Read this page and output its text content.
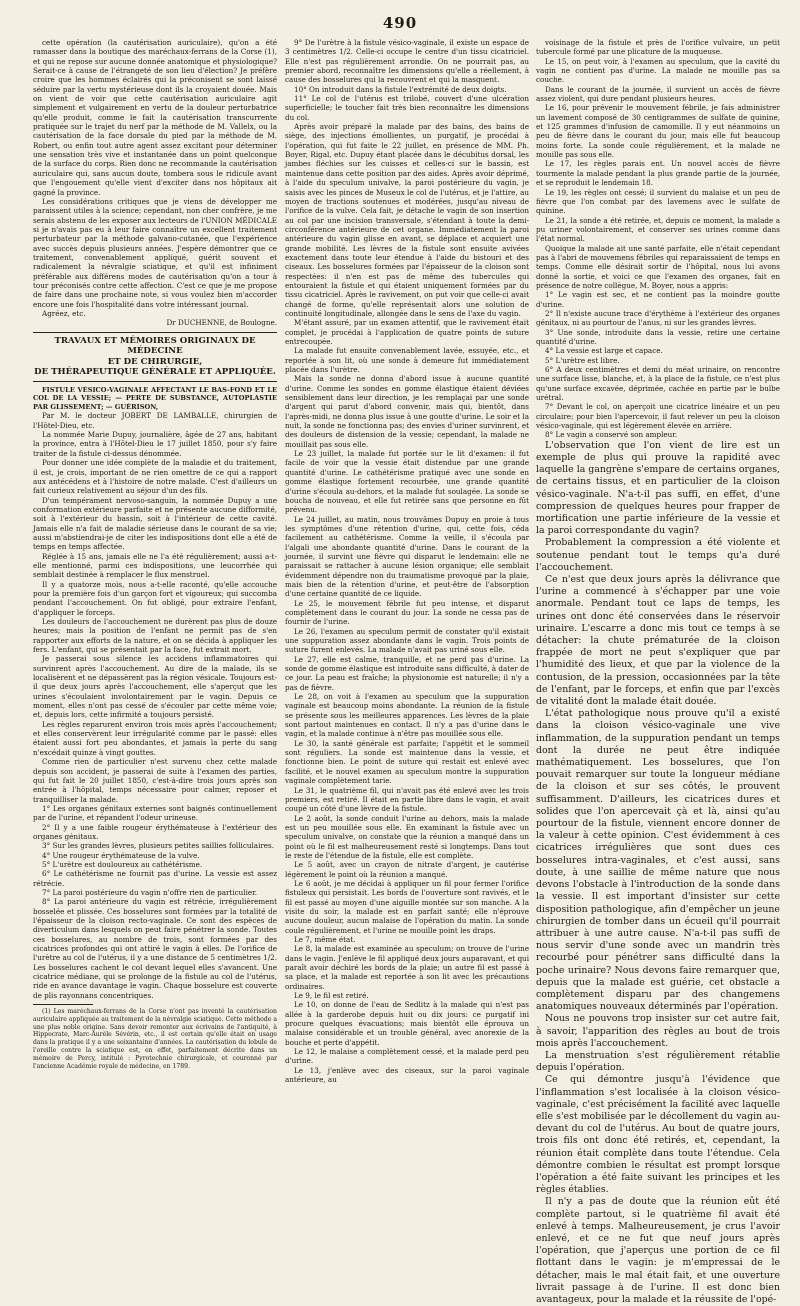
490

cette opération (la cautérisation auriculaire), qu'on a été ramasser dans la boutique des maréchaux-ferrans de la Corse (1), et qui ne repose sur aucune donnée anatomique et physiologique? Serait-ce à cause de l'étrangeté de son lieu d'élection? Je préfère croire que les hommes éclairés qui la préconisent se sont laissé séduire par la vertu mystérieuse dont ils la croyaient douée. Mais on vient de voir que cette cautérisation auriculaire agit simplement et vulgairement en vertu de la douleur perturbatrice qu'elle produit, comme le fait la cautérisation transcurrente pratiquée sur le trajet du nerf par la méthode de M. Vallelx, ou la cautérisation de la face dorsale du pied par la méthode de M. Robert, ou enfin tout autre agent assez excitant pour déterminer une sensation très vive et instantanée dans un point quelconque de la surface du corps. Rien donc ne recommande la cautérisation auriculaire qui, sans aucun doute, tombera sous le ridicule avant que l'engouement qu'elle vient d'exciter dans nos hôpitaux ait gagné la province.

Les considérations critiques que je viens de développer me paraissent utiles à la science; cependant, non cher confrère, je me serais abstenu de les exposer aux lecteurs de l'UNION MÉDICALE si je n'avais pas eu à leur faire connaître un excellent traitement perturbateur par la méthode galvano-cutanée, que l'expérience avec succès depuis plusieurs années. J'espère démontrer que ce traitement, convenablement appliqué, guérit souvent et radicalement la névralgie sciatique, et qu'il est infiniment préférable aux différens modes de cautérisation qu'on a tour à tour préconisés contre cette affection. C'est ce que je me propose de faire dans une prochaine note, si vous voulez bien m'accorder encore une fois l'hospitalité dans votre intéressant journal.

Agréez, etc.

Dr DUCHENNE, de Boulogne.

TRAVAUX ET MÉMOIRES ORIGINAUX DE MÉDECINE
ET DE CHIRURGIE,
DE THÉRAPEUTIQUE GÉNÉRALE ET APPLIQUÉE.

FISTULE VÉSICO-VAGINALE AFFECTANT LE BAS-FOND ET LE COL DE LA VESSIE; — PERTE DE SUBSTANCE, AUTOPLASTIE PAR GLISSEMENT; — GUÉRISON,

Par M. le docteur JOBERT DE LAMBALLE, chirurgien de l'Hôtel-Dieu, etc.

La nommée Marie Dupuy, journalière, âgée de 27 ans, habitant la province, entra à l'Hôtel-Dieu le 17 juillet 1850, pour s'y faire traiter de la fistule ci-dessus dénommée.

Pour donner une idée complète de la maladie et du traitement, il est, je crois, important de ne rien omettre de ce qui a rapport aux antécédens et à l'histoire de notre malade. C'est d'ailleurs un fait curieux relativement au séjour d'un des fils.

D'un tempérament nervoso-sanguin, la nommée Dupuy a une conformation extérieure parfaite et ne présente aucune difformité, soit à l'extérieur du bassin, soit à l'intérieur de cette cavité. Jamais elle n'a fait de maladie sérieuse dans le courant de sa vie; aussi m'abstiendrai-je de citer les indispositions dont elle a été de temps en temps affectée.

Réglée à 15 ans, jamais elle ne l'a été régulièrement; aussi a-t-elle mentionné, parmi ces indispositions, une leucorrhée qui semblait destinée à remplacer le flux menstruel.

Il y a quatorze mois, nous a-t-elle raconté, qu'elle accouche pour la première fois d'un garçon fort et vigoureux; qui succomba pendant l'accouchement. On fut obligé, pour extraire l'enfant, d'appliquer le forceps.

Les douleurs de l'accouchement ne durèrent pas plus de douze heures; mais la position de l'enfant ne permit pas de s'en rapporter aux efforts de la nature, et on se décida à appliquer les fers. L'enfant, qui se présentait par la face, fut extrait mort.

Je passerai sous silence les accidens inflammatoires qui survinrent après l'accouchement. Au dire de la malade, ils se localisèrent et ne dépassèrent pas la région vésicale. Toujours est-il que deux jours après l'accouchement, elle s'aperçut que les urines s'écoulaient involontairement par le vagin. Depuis ce moment, elles n'ont pas cessé de s'écouler par cette même voie; et, depuis lors, cette infirmité a toujours persisté.

Les règles reparurent environ trois mois après l'accouchement; et elles conservèrent leur irrégularité comme par le passé: elles étaient aussi fort peu abondantes, et jamais la perte du sang n'excédait quinze à vingt gouttes.

Comme rien de particulier n'est survenu chez cette malade depuis son accident, je passerai de suite à l'examen des parties, qui fut fait le 20 juillet 1850, c'est-à-dire trois jours après son entrée à l'hôpital, temps nécessaire pour calmer, reposer et tranquilliser la malade.

1° Les organes génitaux externes sont baignés continuellement par de l'urine, et répandent l'odeur urineuse.

2° Il y a une faible rougeur érythémateuse à l'extérieur des organes génitaux.

3° Sur les grandes lèvres, plusieurs petites saillies folliculaires.

4° Une rougeur érythémateuse de la vulve.

5° L'urètre est douloureux au cathétérisme.

6° Le cathétérisme ne fournit pas d'urine. La vessie est assez rétrécie.

7° La paroi postérieure du vagin n'offre rien de particulier.

8° La paroi antérieure du vagin est rétrécie, irrégulièrement bosselée et plissée. Ces bosselures sont formées par la totalité de l'épaisseur de la cloison recto-vaginale. Ce sont des espèces de diverticulum dans lesquels on peut faire pénétrer la sonde. Toutes ces bosselures, au nombre de trois, sont formées par des cicatrices profondes qui ont attiré le vagin à elles. De l'orifice de l'urètre au col de l'utérus, il y a une distance de 5 centimètres 1/2. Les bosselures cachent le col devant lequel elles s'avancent. Une cicatrice médiane, qui se prolonge de la fistule au col de l'utérus, ride en avance davantage le vagin. Chaque bosselure est couverte de plis rayonnans concentriques.

(1) Les maréchaux-ferrans de la Corse n'ont pas inventé la cautérisation auriculaire appliquée au traitement de la névralgie sciatique. Cette méthode a une plus noble origine. Sans devoir remonter aux écrivains de l'antiquité, à Hippocrate, Marc-Aurèle Sévérin, etc., il est certain qu'elle était en usage dans la pratique il y a une soixantaine d'années. La cautérisation du lobule de l'oreille contre la sciatique est, en effet, parfaitement décrite dans un mémoire de Percy, intitulé : Pyrotechnie chirurgicale, et couronné par l'ancienne Académie royale de médecine, en 1789.

9° De l'urètre à la fistule vésico-vaginale, il existe un espace de 3 centimètres 1/2. Celle-ci occupe le centre d'un tissu cicatriciel. Elle n'est pas régulièrement arrondie. On ne pourrait pas, au premier abord, reconnaître les dimensions qu'elle a réellement, à cause des bosselures qui la recouvrent et qui la masquent.

10° On introduit dans la fistule l'extrémité de deux doigts.

11° Le col de l'utérus est trilobé, couvert d'une ulcération superficielle; le toucher fait très bien reconnaître les dimensions du col.

Après avoir préparé la malade par des bains, des bains de siège, des injections émollientes, un purgatif, je procédai à l'opération, qui fut faite le 22 juillet, en présence de MM. Ph. Boyer, Rigal, etc. Dupuy étant placée dans le décubitus dorsal, les jambes fléchies sur les cuisses et celles-ci sur le bassin, est maintenue dans cette position par des aides. Après avoir déprimé, à l'aide du speculum univalve, la paroi postérieure du vagin, je saisis avec les pinces de Museux le col de l'utérus, et je l'attire, au moyen de tractions soutenues et modérées, jusqu'au niveau de l'orifice de la vulve. Cela fait, je détache le vagin de son insertion au col par une incision transversale, s'étendant à toute la demi-circonférence antérieure de cet organe. Immédiatement la paroi antérieure du vagin glisse en avant, se déplace et acquiert une grande mobilité. Les lèvres de la fistule sont ensuite avivées exactement dans toute leur étendue à l'aide du bistouri et des ciseaux. Les bosselures formées par l'épaisseur de la cloison sont respectées: il n'en est pas de même des tubercules qui entouraient la fistule et qui étaient uniquement formées par du tissu cicatriciel. Après le ravivement, on put voir que celle-ci avait changé de forme, qu'elle représentait alors une solution de continuité longitudinale, allongée dans le sens de l'axe du vagin.

M'étant assuré, par un examen attentif, que le ravivement était complet, je procédai à l'application de quatre points de suture entrecoupée.

La malade fut ensuite convenablement lavée, essuyée, etc., et reportée à son lit, où une sonde à demeure fut immédiatement placée dans l'urètre.

Mais la sonde ne donna d'abord issue à aucune quantité d'urine. Comme les sondes en gomme élastique étaient déviées sensiblement dans leur direction, je les remplaçai par une sonde d'argent qui parut d'abord convenir, mais qui, bientôt, dans l'après-midi, ne donna plus issue à une goutte d'urine. Le soir et la nuit, la sonde ne fonctionna pas; des envies d'uriner survinrent, et des douleurs de distension de la vessie; cependant, la malade ne mouillait pas sous elle.

Le 23 juillet, la malade fut portée sur le lit d'examen: il fut facile de voir que la vessie était distendue par une grande quantité d'urine. Le cathétérisme pratiqué avec une sonde en gomme élastique fortement recourbée, une grande quantité d'urine s'écoula au-dehors, et la malade fut soulagée. La sonde se boucha de nouveau, et elle fut retirée sans que personne en fût prévenu.

Le 24 juillet, au matin, nous trouvâmes Dupuy en proie à tous les symptômes d'une rétention d'urine, qui, cette fois, céda facilement au cathétérisme. Comme la veille, il s'écoula par l'algali une abondante quantité d'urine. Dans le courant de la journée, il survint une fièvre qui disparut le lendemain: elle ne paraissait se rattacher à aucune lésion organique; elle semblait évidemment dépendre non du traumatisme provoqué par la plaie, mais bien de la rétention d'urine, et peut-être de l'absorption d'une certaine quantité de ce liquide.

Le 25, le mouvement fébrile fut peu intense, et disparut complètement dans le courant du jour. La sonde ne cessa pas de fournir de l'urine.

Le 26, l'examen au speculum permit de constater qu'il existait une suppuration assez abondante dans le vagin. Trois points de suture furent enlevés. La malade n'avait pas uriné sous elle.

Le 27, elle est calme, tranquille, et ne perd pas d'urine. La sonde de gomme élastique est introduite sans difficulté, à dater de ce jour. La peau est fraîche; la physionomie est naturelle; il n'y a pas de fièvre.

Le 28, on voit à l'examen au speculum que la suppuration vaginale est beaucoup moins abondante. La réunion de la fistule se présente sous les meilleures apparences. Les lèvres de la plaie sont partout maintenues en contact. Il n'y a pas d'urine dans le vagin, et la malade continue à n'être pas mouillée sous elle.

Le 30, la santé générale est parfaite; l'appétit et le sommeil sont réguliers. La sonde est maintenue dans la vessie, et fonctionne bien. Le point de suture qui restait est enlevé avec facilité, et le nouvel examen au speculum montre la suppuration vaginale complètement tarie.

Le 31, le quatrième fil, qui n'avait pas été enlevé avec les trois premiers, est retiré. Il était en partie libre dans le vagin, et avait coupé un côté d'une lèvre de la fistule.

Le 2 août, la sonde conduit l'urine au dehors, mais la malade est un peu mouillée sous elle. En examinant la fistule avec un speculum univalve, on constate que la réunion a manqué dans un point où le fil est malheureusement resté si longtemps. Dans tout le reste de l'étendue de la fistule, elle est complète.

Le 5 août, avec un crayon de nitrate d'argent, je cautérise légèrement le point où la réunion a manqué.

Le 6 août, je me décidai à appliquer un fil pour fermer l'orifice fistuleux qui persistait. Les bords de l'ouverture sont ravivés, et le fil est passé au moyen d'une aiguille montée sur son manche. A la visite du soir, la malade est en parfait santé; elle n'éprouve aucune douleur, aucun malaise de l'opération du matin. La sonde coule régulièrement, et l'urine ne mouille point les draps.

Le 7, même état.

Le 8, la malade est examinée au speculum; on trouve de l'urine dans le vagin. J'enlève le fil appliqué deux jours auparavant, et qui paraît avoir déchiré les bords de la plaie; un autre fil est passé à sa place, et la malade est reportée à son lit avec les précautions ordinaires.

Le 9, le fil est retiré.

Le 10, on donne de l'eau de Sedlitz à la malade qui n'est pas allée à la garderobe depuis huit ou dix jours: ce purgatif ini procure quelques évacuations; mais bientôt elle éprouva un malaise considérable et un trouble général, avec anorexie de la bouche et perte d'appétit.

Le 12, le malaise a complètement cessé, et la malade perd peu d'urine.

Le 13, j'enlève avec des ciseaux, sur la paroi vaginale antérieure, au

voisinage de la fistule et près de l'orifice vulvaire, un petit tubercule formé par une plicature de la muqueuse.

Le 15, on peut voir, à l'examen au speculum, que la cavité du vagin ne contient pas d'urine. La malade ne mouille pas sa couche.

Dans le courant de la journée, il survient un accès de fièvre assez violent, qui dure pendant plusieurs heures.

Le 16, pour prévenir le mouvement fébrile, je fais administrer un lavement composé de 30 centigrammes de sulfate de quinine, et 125 grammes d'infusion de camomille. Il y eut néanmoins un peu de fièvre dans le courant du jour, mais elle fut beaucoup moins forte. La sonde coule régulièrement, et la malade ne mouille pas sous elle.

Le 17, les règles parais ent. Un nouvel accès de fièvre tourmente la malade pendant la plus grande partie de la journée, et se reproduit le lendemain 18.

Le 19, les règles ont cessé; il survient du malaise et un peu de fièvre que l'on combat par des lavemens avec le sulfate de quinine.

Le 21, la sonde a été retirée, et, depuis ce moment, la malade a pu uriner volontairement, et conserver ses urines comme dans l'état normal.

Quoique la malade ait une santé parfaite, elle n'était cependant pas à l'abri de mouvemens fébriles qui reparaissaient de temps en temps. Comme elle désirait sortir de l'hôpital, nous lui avons donné la sortie, et voici ce que l'examen des organes, fait en présence de notre collègue, M. Boyer, nous a appris:

1° Le vagin est sec, et ne contient pas la moindre goutte d'urine.

2° Il n'existe aucune trace d'érythème à l'extérieur des organes génitaux, ni au pourtour de l'anus, ni sur les grandes lèvres.

3° Une sonde, introduite dans la vessie, retire une certaine quantité d'urine.

4° La vessie est large et capace.

5° L'urètre est libre.

6° A deux centimètres et demi du méat urinaire, on rencontre une surface lisse, blanche, et, à la place de la fistule, ce n'est plus qu'une surface excavée, déprimée, cachée en partie par le bulbe urétral.

7° Devant le col, on aperçoit une cicatrice linéaire et un peu circulaire; pour bien l'apercevoir, il faut relever un peu la cloison vésico-vaginale, qui est légèrement élevée en arrière.

8° Le vagin a conservé son ampleur.

L'observation que l'on vient de lire est un exemple de plus qui prouve la rapidité avec laquelle la gangrène s'empare de certains organes, de certains tissus, et en particulier de la cloison vésico-vaginale. N'a-t-il pas suffi, en effet, d'une compression de quelques heures pour frapper de mortification une partie inférieure de la vessie et la paroi correspondante du vagin?

Probablement la compression a été violente et soutenue pendant tout le temps qu'a duré l'accouchement.

Ce n'est que deux jours après la délivrance que l'urine a commencé à s'échapper par une voie anormale. Pendant tout ce laps de temps, les urines ont donc été conservées dans le réservoir urinaire. L'escarre a donc mis tout ce temps à se détacher: la chute prématurée de la cloison frappée de mort ne peut s'expliquer que par l'humidité des lieux, et que par la violence de la contusion, de la pression, occasionnées par la tête de l'enfant, par le forceps, et enfin que par l'excès de vitalité dont la malade était douée.

L'état pathologique nous prouve qu'il a existé dans la cloison vésico-vaginale une vive inflammation, de la suppuration pendant un temps dont la durée ne peut être indiquée mathématiquement. Les bosselures, que l'on pouvait remarquer sur toute la longueur médiane de la cloison et sur ses côtés, le prouvent suffisamment. D'ailleurs, les cicatrices dures et solides que l'on apercevait çà et là, ainsi qu'au pourtour de la fistule, viennent encore donner de la valeur à cette opinion. C'est évidemment à ces cicatrices irrégulières que sont dues ces bosselures intra-vaginales, et c'est aussi, sans doute, à une saillie de même nature que nous devons l'obstacle à l'introduction de la sonde dans la vessie. Il est important d'insister sur cette disposition pathologique, afin d'empêcher un jeune chirurgien de tomber dans un écueil qu'il pourrait attribuer à une autre cause. N'a-t-il pas suffi de nous servir d'une sonde avec un mandrin très recourbé pour pénétrer sans difficulté dans la poche urinaire? Nous devons faire remarquer que, depuis que la malade est guérie, cet obstacle a complètement disparu par des changemens anatomiques nouveaux déterminés par l'opération.

Nous ne pouvons trop insister sur cet autre fait, à savoir, l'apparition des règles au bout de trois mois après l'accouchement.

La menstruation s'est régulièrement rétablie depuis l'opération.

Ce qui démontre jusqu'à l'évidence que l'inflammation s'est localisée à la cloison vésico-vaginale, c'est précisément la facilité avec laquelle elle s'est mobilisée par le décollement du vagin au-devant du col de l'utérus. Au bout de quatre jours, trois fils ont donc été retirés, et, cependant, la réunion était complète dans toute l'étendue. Cela démontre combien le résultat est prompt lorsque l'opération a été faite suivant les principes et les règles établies.

Il n'y a pas de doute que la réunion eût été complète partout, si le quatrième fil avait été enlevé à temps. Malheureusement, je crus l'avoir enlevé, et ce ne fut que neuf jours après l'opération, que j'aperçus une portion de ce fil flottant dans le vagin: je m'empressai de le détacher, mais le mal était fait, et une ouverture livrait passage à de l'urine. Il est donc bien avantageux, pour la malade et la réussite de l'opé-
